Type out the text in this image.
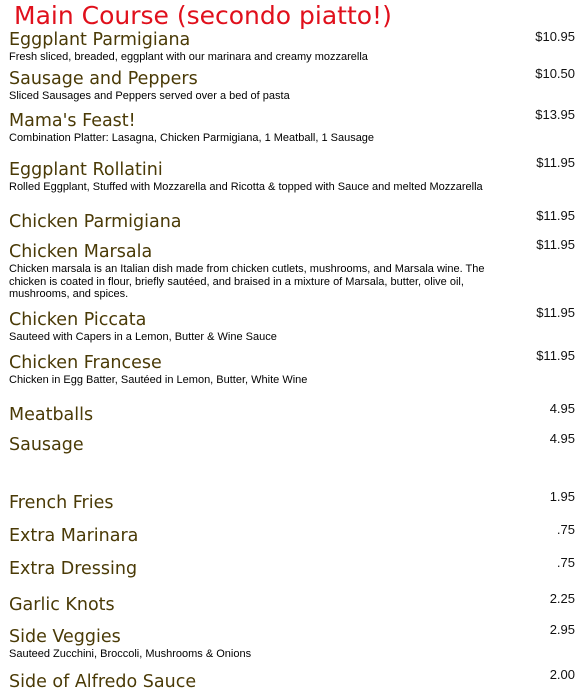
Main Course (secondo piatto!)
Eggplant Parmigiana	$10.95
Fresh sliced, breaded, eggplant with our marinara and creamy mozzarella
Sausage and Peppers	$10.50
Sliced Sausages and Peppers served over a bed of pasta
Mama's Feast!	$13.95
Combination Platter: Lasagna, Chicken Parmigiana, 1 Meatball, 1 Sausage
Eggplant Rollatini	$11.95
Rolled Eggplant, Stuffed with Mozzarella and Ricotta & topped with Sauce and melted Mozzarella
Chicken Parmigiana	$11.95
Chicken Marsala	$11.95
Chicken marsala is an Italian dish made from chicken cutlets, mushrooms, and Marsala wine. The chicken is coated in flour, briefly sautéed, and braised in a mixture of Marsala, butter, olive oil, mushrooms, and spices.
Chicken Piccata	$11.95
Sauteed with Capers in a Lemon, Butter & Wine Sauce
Chicken Francese	$11.95
Chicken in Egg Batter, Sautéed in Lemon, Butter, White Wine
Meatballs	4.95
Sausage	4.95
French Fries	1.95
Extra Marinara	.75
Extra Dressing	.75
Garlic Knots	2.25
Side Veggies	2.95
Sauteed Zucchini, Broccoli, Mushrooms & Onions
Side of Alfredo Sauce	2.00
